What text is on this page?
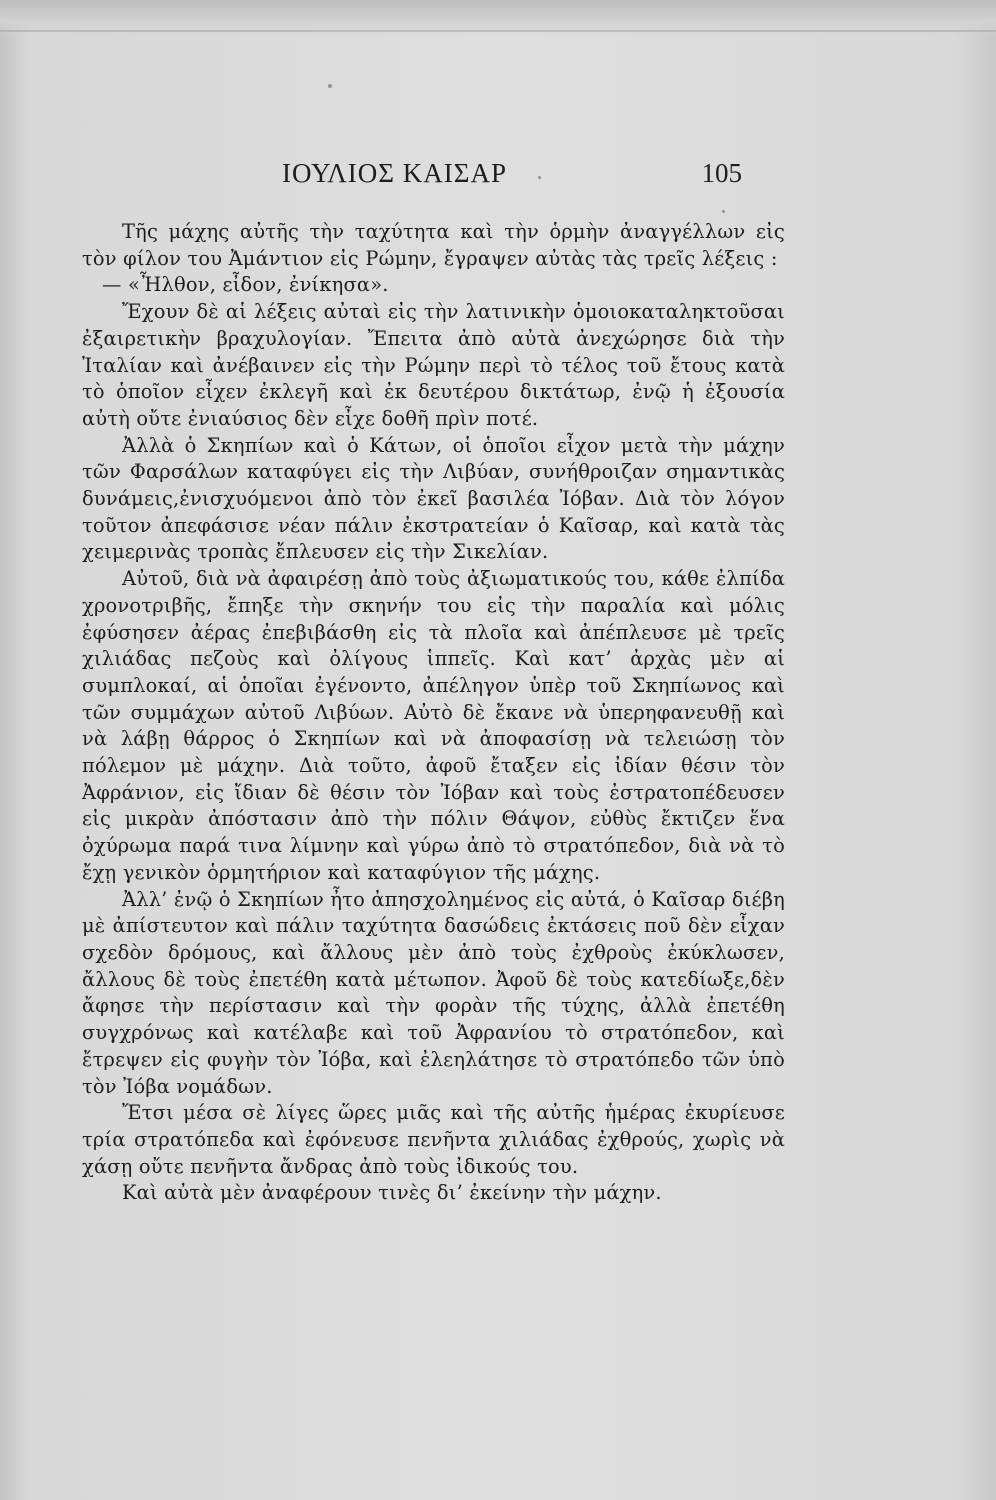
ΙΟΥΛΙΟΣ ΚΑΙΣΑΡ	105

Τῆς μάχης αὐτῆς τὴν ταχύτητα καὶ τὴν ὁρμὴν ἀναγγέλλων εἰς τὸν φίλον του Ἀμάντιον εἰς Ρώμην, ἔγραψεν αὐτὰς τὰς τρεῖς λέξεις :

— «Ἦλθον, εἶδον, ἐνίκησα».

Ἔχουν δὲ αἱ λέξεις αὐταὶ εἰς τὴν λατινικὴν ὁμοιοκαταληκτοῦσαι ἐξαιρετικὴν βραχυλογίαν. Ἔπειτα ἀπὸ αὐτὰ ἀνεχώρησε διὰ τὴν Ἰταλίαν καὶ ἀνέβαινεν εἰς τὴν Ρώμην περὶ τὸ τέλος τοῦ ἔτους κατὰ τὸ ὁποῖον εἶχεν ἐκλεγῆ καὶ ἐκ δευτέρου δικτάτωρ, ἐνῷ ἡ ἐξουσία αὐτὴ οὔτε ἐνιαύσιος δὲν εἶχε δοθῆ πρὶν ποτέ.

Ἀλλὰ ὁ Σκηπίων καὶ ὁ Κάτων, οἱ ὁποῖοι εἶχον μετὰ τὴν μάχην τῶν Φαρσάλων καταφύγει εἰς τὴν Λιβύαν, συνήθροιζαν σημαντικὰς δυνάμεις,ἐνισχυόμενοι ἀπὸ τὸν ἐκεῖ βασιλέα Ἰόβαν. Διὰ τὸν λόγον τοῦτον ἀπεφάσισε νέαν πάλιν ἐκστρατείαν ὁ Καῖσαρ, καὶ κατὰ τὰς χειμερινὰς τροπὰς ἔπλευσεν εἰς τὴν Σικελίαν.

Αὐτοῦ, διὰ νὰ ἀφαιρέσῃ ἀπὸ τοὺς ἀξιωματικούς του, κάθε ἐλπίδα χρονοτριβῆς, ἔπηξε τὴν σκηνήν του εἰς τὴν παραλία καὶ μόλις ἐφύσησεν ἀέρας ἐπεβιβάσθη εἰς τὰ πλοῖα καὶ ἀπέπλευσε μὲ τρεῖς χιλιάδας πεζοὺς καὶ ὀλίγους ἱππεῖς. Καὶ κατ’ ἀρχὰς μὲν αἱ συμπλοκαί, αἱ ὁποῖαι ἐγένοντο, ἀπέληγον ὑπὲρ τοῦ Σκηπίωνος καὶ τῶν συμμάχων αὐτοῦ Λιβύων. Αὐτὸ δὲ ἔκανε νὰ ὑπερηφανευθῇ καὶ νὰ λάβῃ θάρρος ὁ Σκηπίων καὶ νὰ ἀποφασίσῃ νὰ τελειώσῃ τὸν πόλεμον μὲ μάχην. Διὰ τοῦτο, ἀφοῦ ἔταξεν εἰς ἰδίαν θέσιν τὸν Ἀφράνιον, εἰς ἴδιαν δὲ θέσιν τὸν Ἰόβαν καὶ τοὺς ἐστρατοπέδευσεν εἰς μικρὰν ἀπόστασιν ἀπὸ τὴν πόλιν Θάψον, εὐθὺς ἔκτιζεν ἕνα ὀχύρωμα παρά τινα λίμνην καὶ γύρω ἀπὸ τὸ στρατόπεδον, διὰ νὰ τὸ ἔχῃ γενικὸν ὁρμητήριον καὶ καταφύγιον τῆς μάχης.

Ἀλλ’ ἐνῷ ὁ Σκηπίων ἦτο ἀπησχολημένος εἰς αὐτά, ὁ Καῖσαρ διέβη μὲ ἀπίστευτον καὶ πάλιν ταχύτητα δασώδεις ἐκτάσεις ποῦ δὲν εἶχαν σχεδὸν δρόμους, καὶ ἄλλους μὲν ἀπὸ τοὺς ἐχθροὺς ἐκύκλωσεν, ἄλλους δὲ τοὺς ἐπετέθη κατὰ μέτωπον. Ἀφοῦ δὲ τοὺς κατεδίωξε,δὲν ἄφησε τὴν περίστασιν καὶ τὴν φορὰν τῆς τύχης, ἀλλὰ ἐπετέθη συγχρόνως καὶ κατέλαβε καὶ τοῦ Ἀφρανίου τὸ στρατόπεδον, καὶ ἔτρεψεν εἰς φυγὴν τὸν Ἰόβα, καὶ ἐλεηλάτησε τὸ στρατόπεδο τῶν ὑπὸ τὸν Ἰόβα νομάδων.

Ἔτσι μέσα σὲ λίγες ὥρες μιᾶς καὶ τῆς αὐτῆς ἡμέρας ἐκυρίευσε τρία στρατόπεδα καὶ ἐφόνευσε πενῆντα χιλιάδας ἐχθρούς, χωρὶς νὰ χάσῃ οὔτε πενῆντα ἄνδρας ἀπὸ τοὺς ἰδικούς του.

Καὶ αὐτὰ μὲν ἀναφέρουν τινὲς δι’ ἐκείνην τὴν μάχην.
